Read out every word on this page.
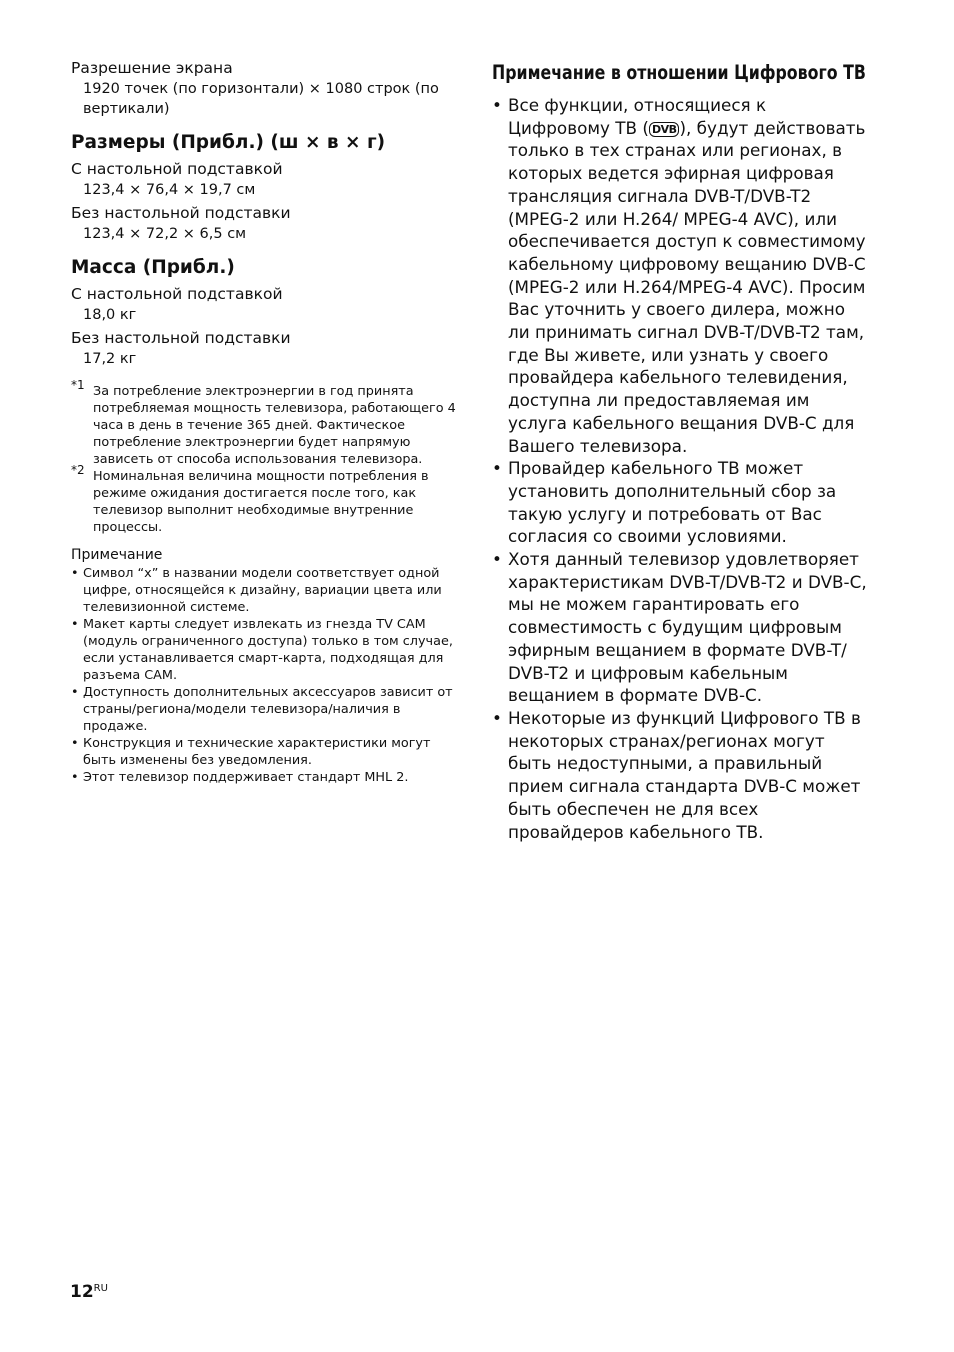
Разрешение экрана
1920 точек (по горизонтали) × 1080 строк (по вертикали)
Размеры (Прибл.) (ш × в × г)
С настольной подставкой
123,4 × 76,4 × 19,7 см
Без настольной подставки
123,4 × 72,2 × 6,5 см
Масса (Прибл.)
С настольной подставкой
18,0 кг
Без настольной подставки
17,2 кг
*1 За потребление электроэнергии в год принята потребляемая мощность телевизора, работающего 4 часа в день в течение 365 дней. Фактическое потребление электроэнергии будет напрямую зависеть от способа использования телевизора.
*2 Номинальная величина мощности потребления в режиме ожидания достигается после того, как телевизор выполнит необходимые внутренние процессы.
Примечание
• Символ “x” в названии модели соответствует одной цифре, относящейся к дизайну, вариации цвета или телевизионной системе.
• Макет карты следует извлекать из гнезда TV CAM (модуль ограниченного доступа) только в том случае, если устанавливается смарт-карта, подходящая для разъема CAM.
• Доступность дополнительных аксессуаров зависит от страны/региона/модели телевизора/наличия в продаже.
• Конструкция и технические характеристики могут быть изменены без уведомления.
• Этот телевизор поддерживает стандарт MHL 2.
Примечание в отношении Цифрового ТВ
• Все функции, относящиеся к Цифровому ТВ ( DVB ), будут действовать только в тех странах или регионах, в которых ведется эфирная цифровая трансляция сигнала DVB-T/DVB-T2 (MPEG-2 или H.264/ MPEG-4 AVC), или обеспечивается доступ к совместимому кабельному цифровому вещанию DVB-C (MPEG-2 или H.264/MPEG-4 AVC). Просим Вас уточнить у своего дилера, можно ли принимать сигнал DVB-T/DVB-T2 там, где Вы живете, или узнать у своего провайдера кабельного телевидения, доступна ли предоставляемая им услуга кабельного вещания DVB-C для Вашего телевизора.
• Провайдер кабельного ТВ может установить дополнительный сбор за такую услугу и потребовать от Вас согласия со своими условиями.
• Хотя данный телевизор удовлетворяет характеристикам DVB-T/DVB-T2 и DVB-C, мы не можем гарантировать его совместимость с будущим цифровым эфирным вещанием в формате DVB-T/ DVB-T2 и цифровым кабельным вещанием в формате DVB-C.
• Некоторые из функций Цифрового ТВ в некоторых странах/регионах могут быть недоступными, а правильный прием сигнала стандарта DVB-C может быть обеспечен не для всех провайдеров кабельного ТВ.
$12^{RU}$
